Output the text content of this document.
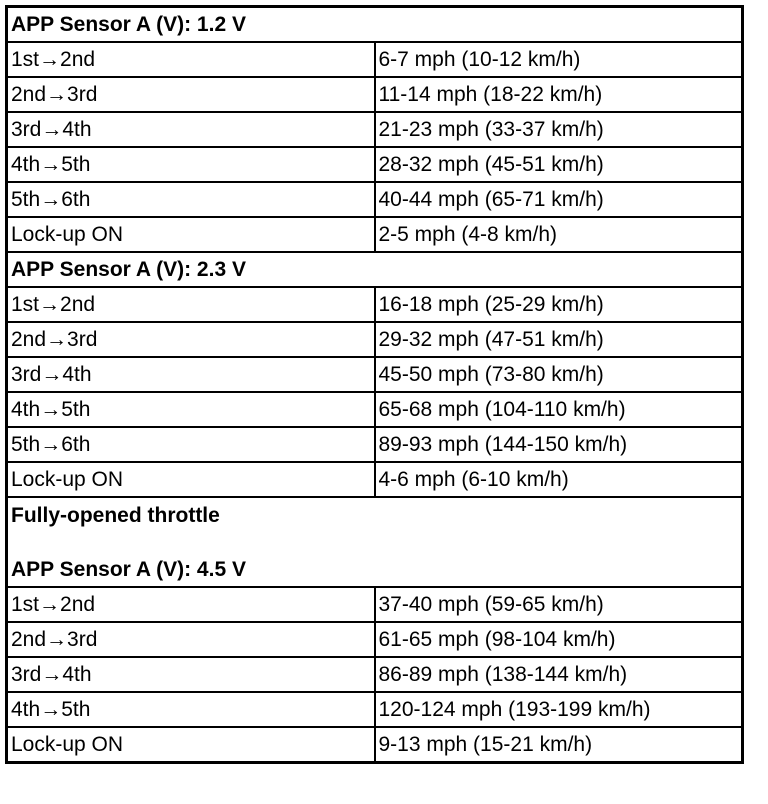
APP Sensor A (V): 1.2 V	
1st→2nd	6-7 mph (10-12 km/h)
2nd→3rd	11-14 mph (18-22 km/h)
3rd→4th	21-23 mph (33-37 km/h)
4th→5th	28-32 mph (45-51 km/h)
5th→6th	40-44 mph (65-71 km/h)
Lock-up ON	2-5 mph (4-8 km/h)
APP Sensor A (V): 2.3 V	
1st→2nd	16-18 mph (25-29 km/h)
2nd→3rd	29-32 mph (47-51 km/h)
3rd→4th	45-50 mph (73-80 km/h)
4th→5th	65-68 mph (104-110 km/h)
5th→6th	89-93 mph (144-150 km/h)
Lock-up ON	4-6 mph (6-10 km/h)

Fully-opened throttle
APP Sensor A (V): 4.5 V	

1st→2nd	37-40 mph (59-65 km/h)
2nd→3rd	61-65 mph (98-104 km/h)
3rd→4th	86-89 mph (138-144 km/h)
4th→5th	120-124 mph (193-199 km/h)
Lock-up ON	9-13 mph (15-21 km/h)
